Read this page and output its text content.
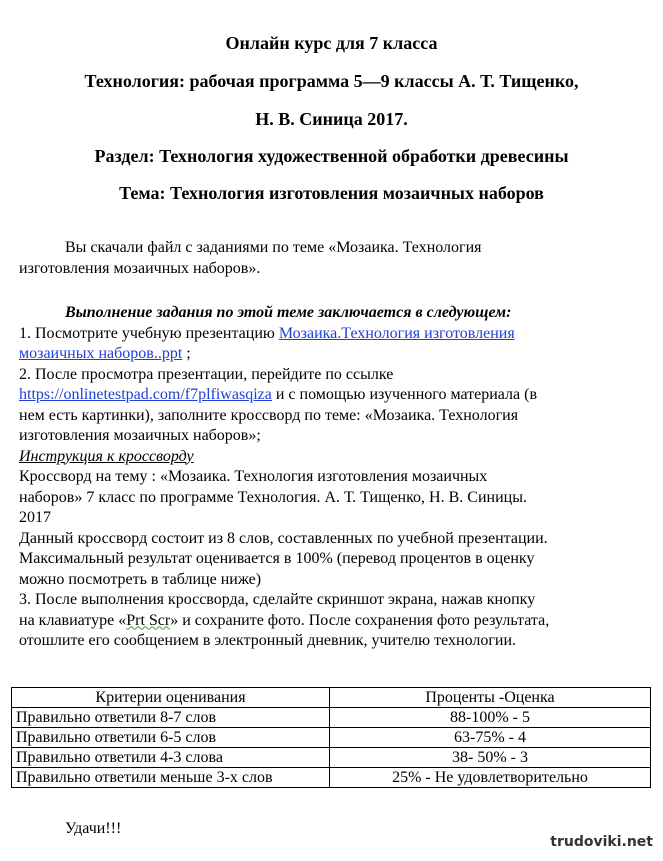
Онлайн курс для 7 класса
Технология: рабочая программа 5—9 классы А. Т. Тищенко,
Н. В. Синица 2017.
Раздел: Технология художественной обработки древесины
Тема: Технология изготовления мозаичных наборов
Вы скачали файл с заданиями по теме «Мозаика. Технология
изготовления мозаичных наборов».
Выполнение задания по этой теме заключается в следующем:
1. Посмотрите учебную презентацию Мозаика.Технология изготовления
мозаичных наборов..ppt ;
2. После просмотра презентации, перейдите по ссылке
https://onlinetestpad.com/f7plfiwasqiza и с помощью изученного материала (в
нем есть картинки), заполните кроссворд по теме: «Мозаика. Технология
изготовления мозаичных наборов»;
Инструкция к кроссворду
Кроссворд на тему : «Мозаика. Технология изготовления мозаичных
наборов» 7 класс по программе Технология. А. Т. Тищенко, Н. В. Синицы.
2017
Данный кроссворд состоит из 8 слов, составленных по учебной презентации.
Максимальный результат оценивается в 100% (перевод процентов в оценку
можно посмотреть в таблице ниже)
3. После выполнения кроссворда, сделайте скриншот экрана, нажав кнопку
на клавиатуре «Prt Scr» и сохраните фото. После сохранения фото результата,
отошлите его сообщением в электронный дневник, учителю технологии.
Критерии оценивания	Проценты -Оценка
Правильно ответили 8-7 слов	88-100% - 5
Правильно ответили 6-5 слов	63-75% - 4
Правильно ответили 4-3 слова	38- 50% - 3
Правильно ответили меньше 3-х слов	25% - Не удовлетворительно
Удачи!!!
trudoviki.net
